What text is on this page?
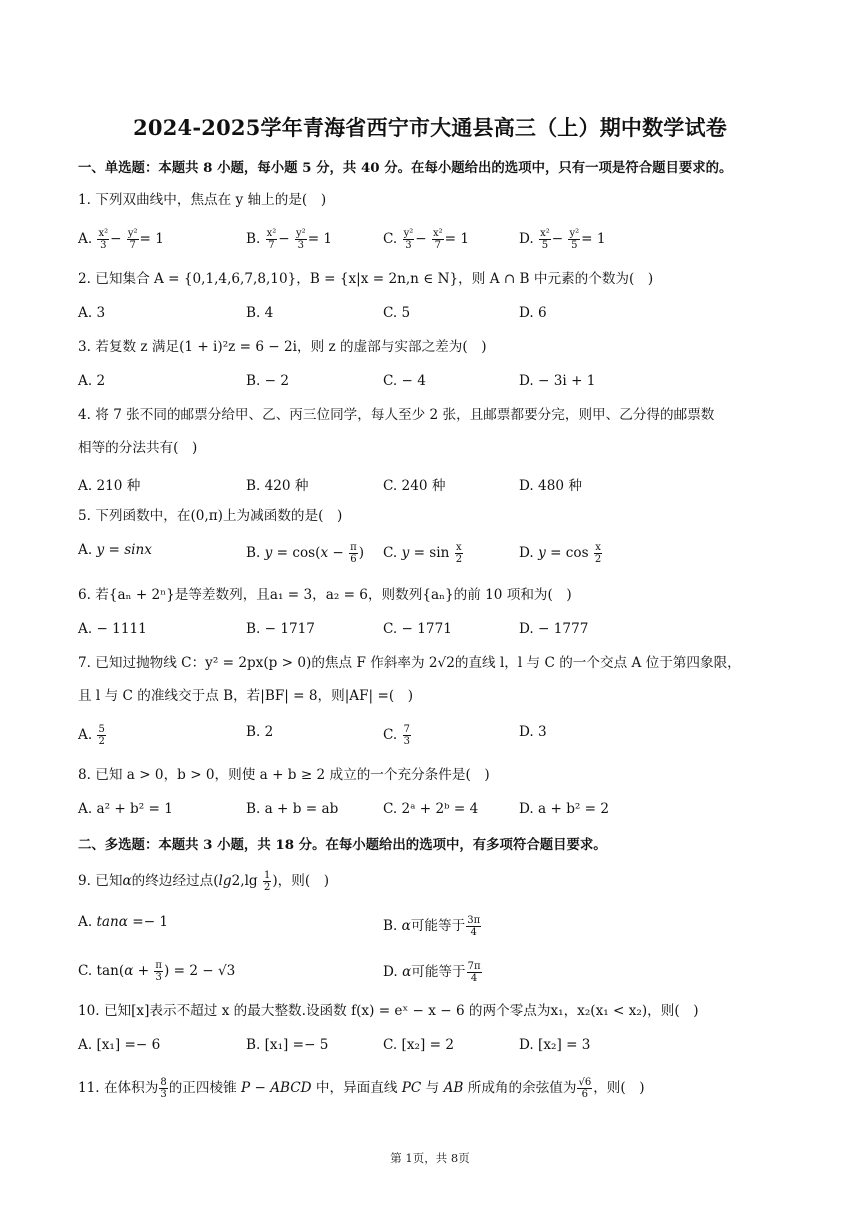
2024-2025学年青海省西宁市大通县高三（上）期中数学试卷
一、单选题：本题共 8 小题，每小题 5 分，共 40 分。在每小题给出的选项中，只有一项是符合题目要求的。
1. 下列双曲线中，焦点在 y 轴上的是(　)
A. $\frac{\text{x²}}{3} - \frac{\text{y²}}{7} = 1$	B. $\frac{\text{x²}}{7} - \frac{\text{y²}}{3} = 1$	C. $\frac{\text{y²}}{3} - \frac{\text{x²}}{7} = 1$	D. $\frac{\text{x²}}{5} - \frac{\text{y²}}{5} = 1$
2. 已知集合 A = {0,1,4,6,7,8,10}，B = {x|x = 2n,n ∈ N}，则 A ∩ B 中元素的个数为(　)
A. 3	B. 4	C. 5	D. 6
3. 若复数 z 满足(1 + i)²z = 6 − 2i，则 z 的虚部与实部之差为(　)
A. 2	B. − 2	C. − 4	D. − 3i + 1
4. 将 7 张不同的邮票分给甲、乙、丙三位同学，每人至少 2 张，且邮票都要分完，则甲、乙分得的邮票数
相等的分法共有(　)
A. 210 种	B. 420 种	C. 240 种	D. 480 种
5. 下列函数中，在(0,π)上为减函数的是(　)
A. y = sinx	B. $y = \cos(x - \frac{\pi}{6}$ ) C. $y = \sin \frac{x}{2}$	D. $y = \cos \frac{x}{2}$
6. 若{aₙ + 2ⁿ}是等差数列，且a₁ = 3，a₂ = 6，则数列{aₙ}的前 10 项和为(　)
A. − 1111	B. − 1717	C. − 1771	D. − 1777
7. 已知过抛物线 C：y² = 2px(p > 0)的焦点 F 作斜率为 2√2的直线 l，l 与 C 的一个交点 A 位于第四象限，
且 l 与 C 的准线交于点 B，若|BF| = 8，则|AF| =(　)
A. $\frac{5}{2}$	B. 2	C. $\frac{7}{3}$	D. 3
8. 已知 a > 0，b > 0，则使 a + b ≥ 2 成立的一个充分条件是(　)
A. a² + b² = 1	B. a + b = ab	C. 2ᵃ + 2ᵇ = 4	D. a + b² = 2
二、多选题：本题共 3 小题，共 18 分。在每小题给出的选项中，有多项符合题目要求。
9. 已知α的终边经过点($\lg 2,\lg \frac{1}{2}$ )，则(　)
A. tanα =− 1	B. α可能等于 $\frac{3\pi}{4}$
C. $\tan(\alpha + \frac{\pi}{3}$ ) = 2 − √3	D. α可能等于 $\frac{7\pi}{4}$
10. 已知[x]表示不超过 x 的最大整数.设函数 f(x) = eˣ − x − 6 的两个零点为x₁，x₂(x₁ < x₂)，则(　)
A. [x₁] =− 6	B. [x₁] =− 5	C. [x₂] = 2	D. [x₂] = 3
11. 在体积为 $\frac{8}{3}$ 的正四棱锥 P − ABCD 中，异面直线 PC 与 AB 所成角的余弦值为 $\frac{√6}{6}$ ，则(　)
第 1页，共 8页
